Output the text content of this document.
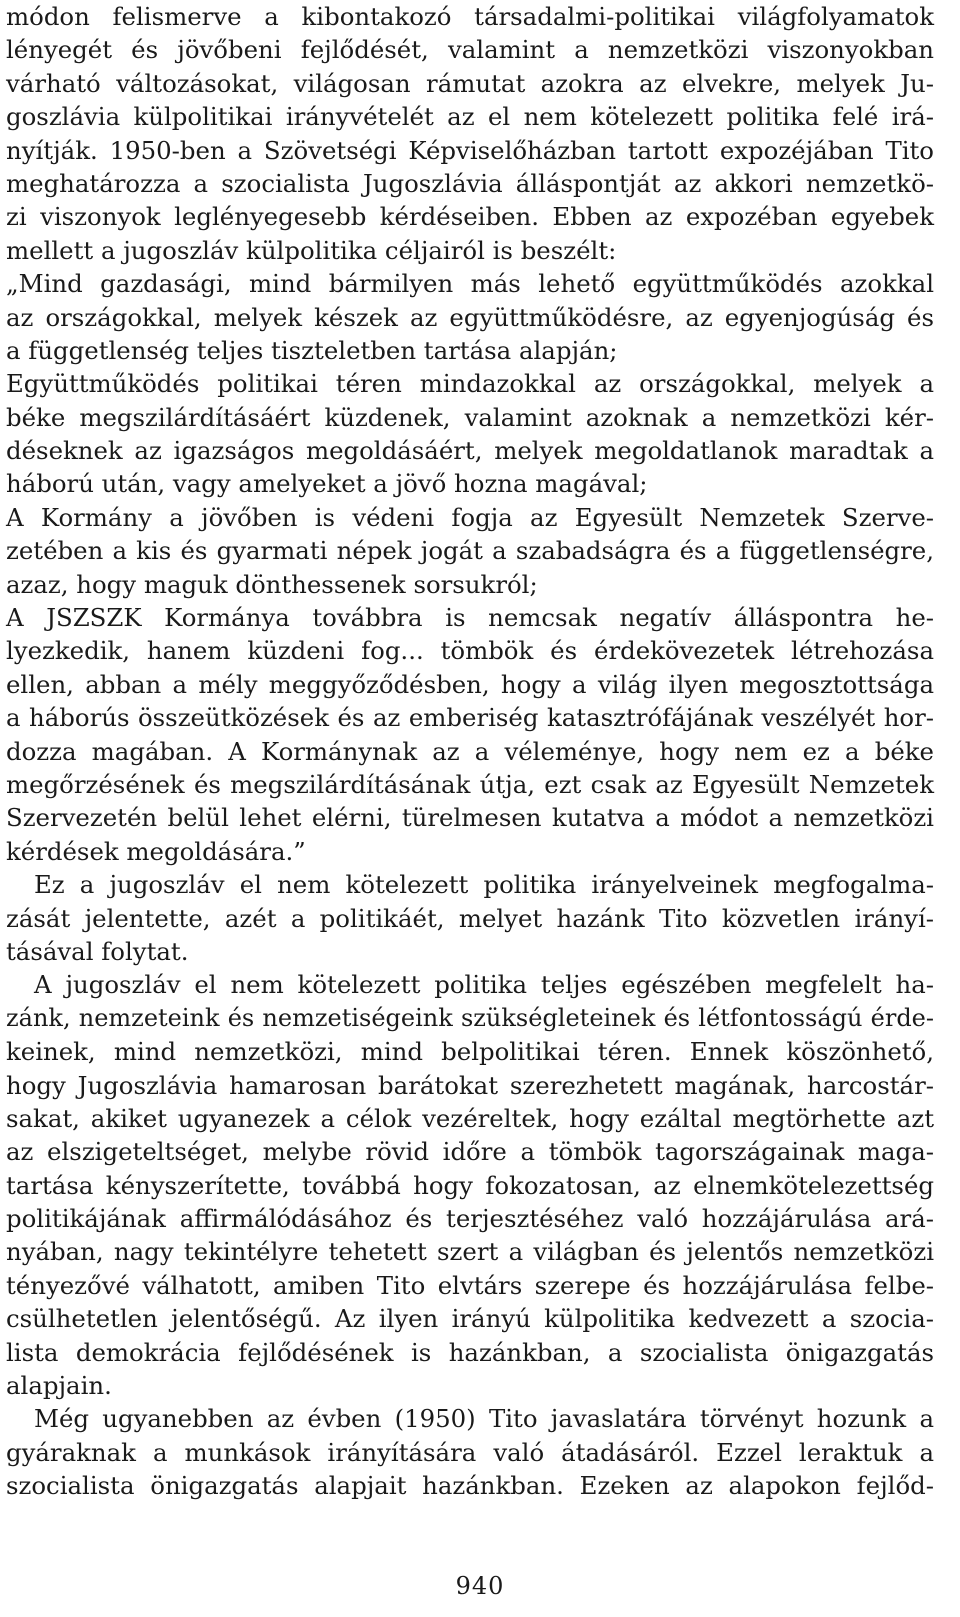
módon felismerve a kibontakozó társadalmi-politikai világfolyamatok
lényegét és jövőbeni fejlődését, valamint a nemzetközi viszonyokban
várható változásokat, világosan rámutat azokra az elvekre, melyek Ju-
goszlávia külpolitikai irányvételét az el nem kötelezett politika felé irá-
nyítják. 1950-ben a Szövetségi Képviselőházban tartott expozéjában Tito
meghatározza a szocialista Jugoszlávia álláspontját az akkori nemzetkö-
zi viszonyok leglényegesebb kérdéseiben. Ebben az expozéban egyebek
mellett a jugoszláv külpolitika céljairól is beszélt:
„Mind gazdasági, mind bármilyen más lehető együttműködés azokkal
az országokkal, melyek készek az együttműködésre, az egyenjogúság és
a függetlenség teljes tiszteletben tartása alapján;
Együttműködés politikai téren mindazokkal az országokkal, melyek a
béke megszilárdításáért küzdenek, valamint azoknak a nemzetközi kér-
déseknek az igazságos megoldásáért, melyek megoldatlanok maradtak a
háború után, vagy amelyeket a jövő hozna magával;
A Kormány a jövőben is védeni fogja az Egyesült Nemzetek Szerve-
zetében a kis és gyarmati népek jogát a szabadságra és a függetlenségre,
azaz, hogy maguk dönthessenek sorsukról;
A JSZSZK Kormánya továbbra is nemcsak negatív álláspontra he-
lyezkedik, hanem küzdeni fog... tömbök és érdekövezetek létrehozása
ellen, abban a mély meggyőződésben, hogy a világ ilyen megosztottsága
a háborús összeütközések és az emberiség katasztrófájának veszélyét hor-
dozza magában. A Kormánynak az a véleménye, hogy nem ez a béke
megőrzésének és megszilárdításának útja, ezt csak az Egyesült Nemzetek
Szervezetén belül lehet elérni, türelmesen kutatva a módot a nemzetközi
kérdések megoldására.”
Ez a jugoszláv el nem kötelezett politika irányelveinek megfogalma-
zását jelentette, azét a politikáét, melyet hazánk Tito közvetlen irányí-
tásával folytat.
A jugoszláv el nem kötelezett politika teljes egészében megfelelt ha-
zánk, nemzeteink és nemzetiségeink szükségleteinek és létfontosságú érde-
keinek, mind nemzetközi, mind belpolitikai téren. Ennek köszönhető,
hogy Jugoszlávia hamarosan barátokat szerezhetett magának, harcostár-
sakat, akiket ugyanezek a célok vezéreltek, hogy ezáltal megtörhette azt
az elszigeteltséget, melybe rövid időre a tömbök tagországainak maga-
tartása kényszerítette, továbbá hogy fokozatosan, az elnemkötelezettség
politikájának affirmálódásához és terjesztéséhez való hozzájárulása ará-
nyában, nagy tekintélyre tehetett szert a világban és jelentős nemzetközi
tényezővé válhatott, amiben Tito elvtárs szerepe és hozzájárulása felbe-
csülhetetlen jelentőségű. Az ilyen irányú külpolitika kedvezett a szocia-
lista demokrácia fejlődésének is hazánkban, a szocialista önigazgatás
alapjain.
Még ugyanebben az évben (1950) Tito javaslatára törvényt hozunk a
gyáraknak a munkások irányítására való átadásáról. Ezzel leraktuk a
szocialista önigazgatás alapjait hazánkban. Ezeken az alapokon fejlőd-
940
